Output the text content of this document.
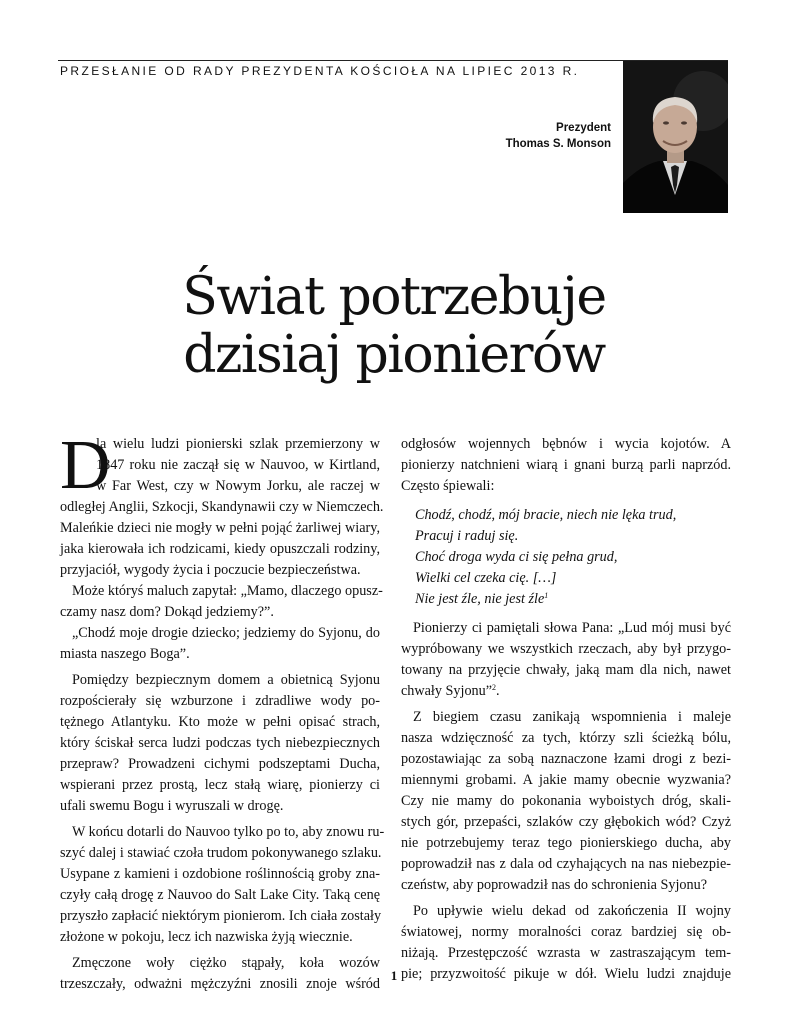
PRZESŁANIE OD RADY PREZYDENTA KOŚCIOŁA NA LIPIEC 2013 R.
Prezydent
Thomas S. Monson
Świat potrzebuje
dzisiaj pionierów
D
la wielu ludzi pionierski szlak przemierzony w
1847 roku nie zaczął się w Nauvoo, w Kirtland,
w Far West, czy w Nowym Jorku, ale raczej w
odległej Anglii, Szkocji, Skandynawii czy w Niemczech.
Maleńkie dzieci nie mogły w pełni pojąć żarliwej wiary,
jaka kierowała ich rodzicami, kiedy opuszczali rodziny,
przyjaciół, wygody życia i poczucie bezpieczeństwa.
Może któryś maluch zapytał: „Mamo, dlaczego opusz-
czamy nasz dom? Dokąd jedziemy?”.
„Chodź moje drogie dziecko; jedziemy do Syjonu, do
miasta naszego Boga”.
Pomiędzy bezpiecznym domem a obietnicą Syjonu
rozpościerały się wzburzone i zdradliwe wody po-
tężnego Atlantyku. Kto może w pełni opisać strach,
który ściskał serca ludzi podczas tych niebezpiecznych
przepraw? Prowadzeni cichymi podszeptami Ducha,
wspierani przez prostą, lecz stałą wiarę, pionierzy ci
ufali swemu Bogu i wyruszali w drogę.
W końcu dotarli do Nauvoo tylko po to, aby znowu ru-
szyć dalej i stawiać czoła trudom pokonywanego szlaku.
Usypane z kamieni i ozdobione roślinnością groby zna-
czyły całą drogę z Nauvoo do Salt Lake City. Taką cenę
przyszło zapłacić niektórym pionierom. Ich ciała zostały
złożone w pokoju, lecz ich nazwiska żyją wiecznie.
Zmęczone woły ciężko stąpały, koła wozów
trzeszczały, odważni mężczyźni znosili znoje wśród
odgłosów wojennych bębnów i wycia kojotów. A
pionierzy natchnieni wiarą i gnani burzą parli naprzód.
Często śpiewali:
Chodź, chodź, mój bracie, niech nie lęka trud,
Pracuj i raduj się.
Choć droga wyda ci się pełna grud,
Wielki cel czeka cię. […]
Nie jest źle, nie jest źle$^1$
Pionierzy ci pamiętali słowa Pana: „Lud mój musi być
wypróbowany we wszystkich rzeczach, aby był przygo-
towany na przyjęcie chwały, jaką mam dla nich, nawet
chwały Syjonu”$^2$.
Z biegiem czasu zanikają wspomnienia i maleje
nasza wdzięczność za tych, którzy szli ścieżką bólu,
pozostawiając za sobą naznaczone łzami drogi z bezi-
miennymi grobami. A jakie mamy obecnie wyzwania?
Czy nie mamy do pokonania wyboistych dróg, skali-
stych gór, przepaści, szlaków czy głębokich wód? Czyż
nie potrzebujemy teraz tego pionierskiego ducha, aby
poprowadził nas z dala od czyhających na nas niebezpie-
czeństw, aby poprowadził nas do schronienia Syjonu?
Po upływie wielu dekad od zakończenia II wojny
światowej, normy moralności coraz bardziej się ob-
niżają. Przestępczość wzrasta w zastraszającym tem-
pie; przyzwoitość pikuje w dół. Wielu ludzi znajduje
1
